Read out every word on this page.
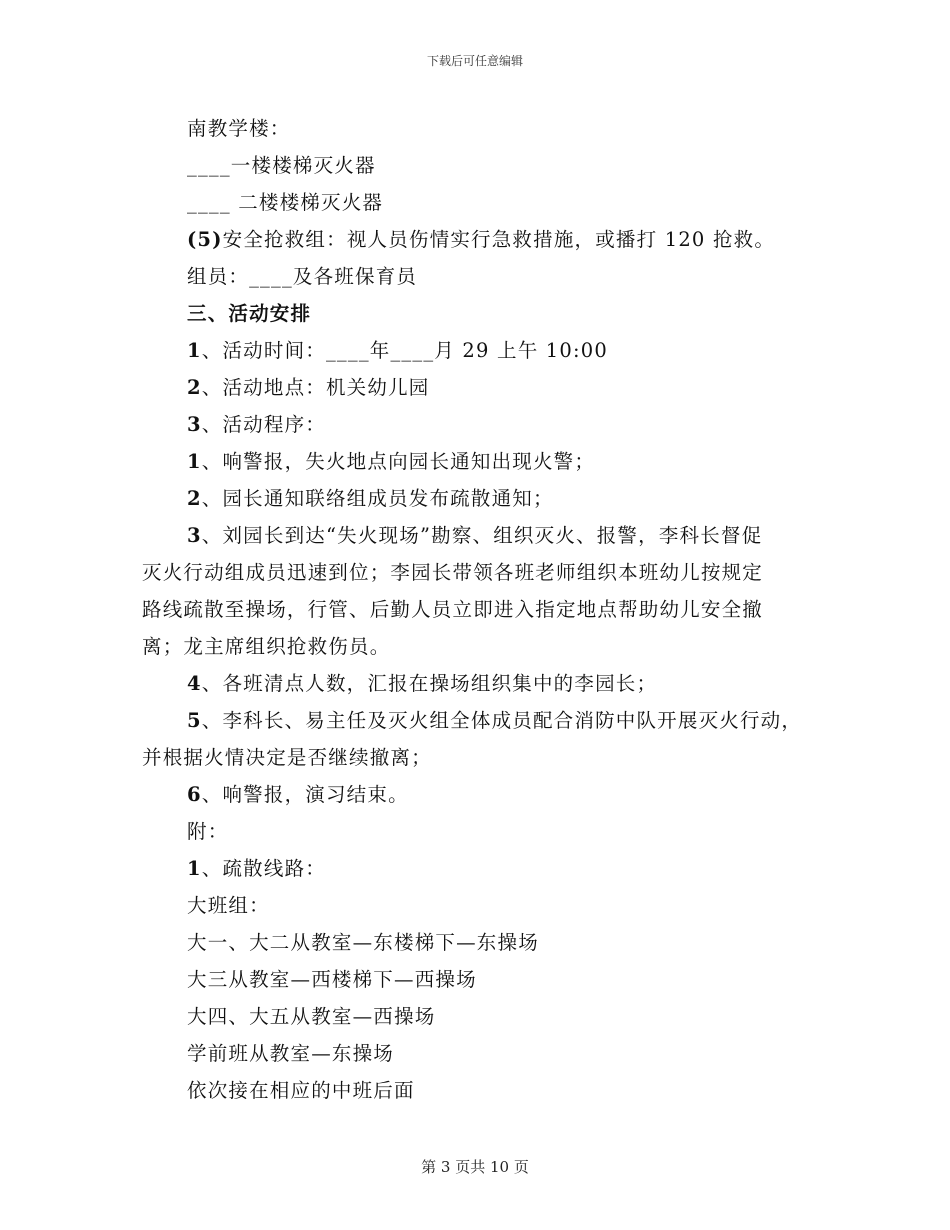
下载后可任意编辑
南教学楼：
____一楼楼梯灭火器
____ 二楼楼梯灭火器
(5)安全抢救组：视人员伤情实行急救措施，或播打 120 抢救。
组员：____及各班保育员
三、活动安排
1、活动时间：____年____月 29 上午 10:00
2、活动地点：机关幼儿园
3、活动程序：
1、响警报，失火地点向园长通知出现火警；
2、园长通知联络组成员发布疏散通知；
3、刘园长到达“失火现场”勘察、组织灭火、报警，李科长督促
灭火行动组成员迅速到位；李园长带领各班老师组织本班幼儿按规定
路线疏散至操场，行管、后勤人员立即进入指定地点帮助幼儿安全撤
离；龙主席组织抢救伤员。
4、各班清点人数，汇报在操场组织集中的李园长；
5、李科长、易主任及灭火组全体成员配合消防中队开展灭火行动，
并根据火情决定是否继续撤离；
6、响警报，演习结束。
附：
1、疏散线路：
大班组：
大一、大二从教室—东楼梯下—东操场
大三从教室—西楼梯下—西操场
大四、大五从教室—西操场
学前班从教室—东操场
依次接在相应的中班后面
第 3 页共 10 页
